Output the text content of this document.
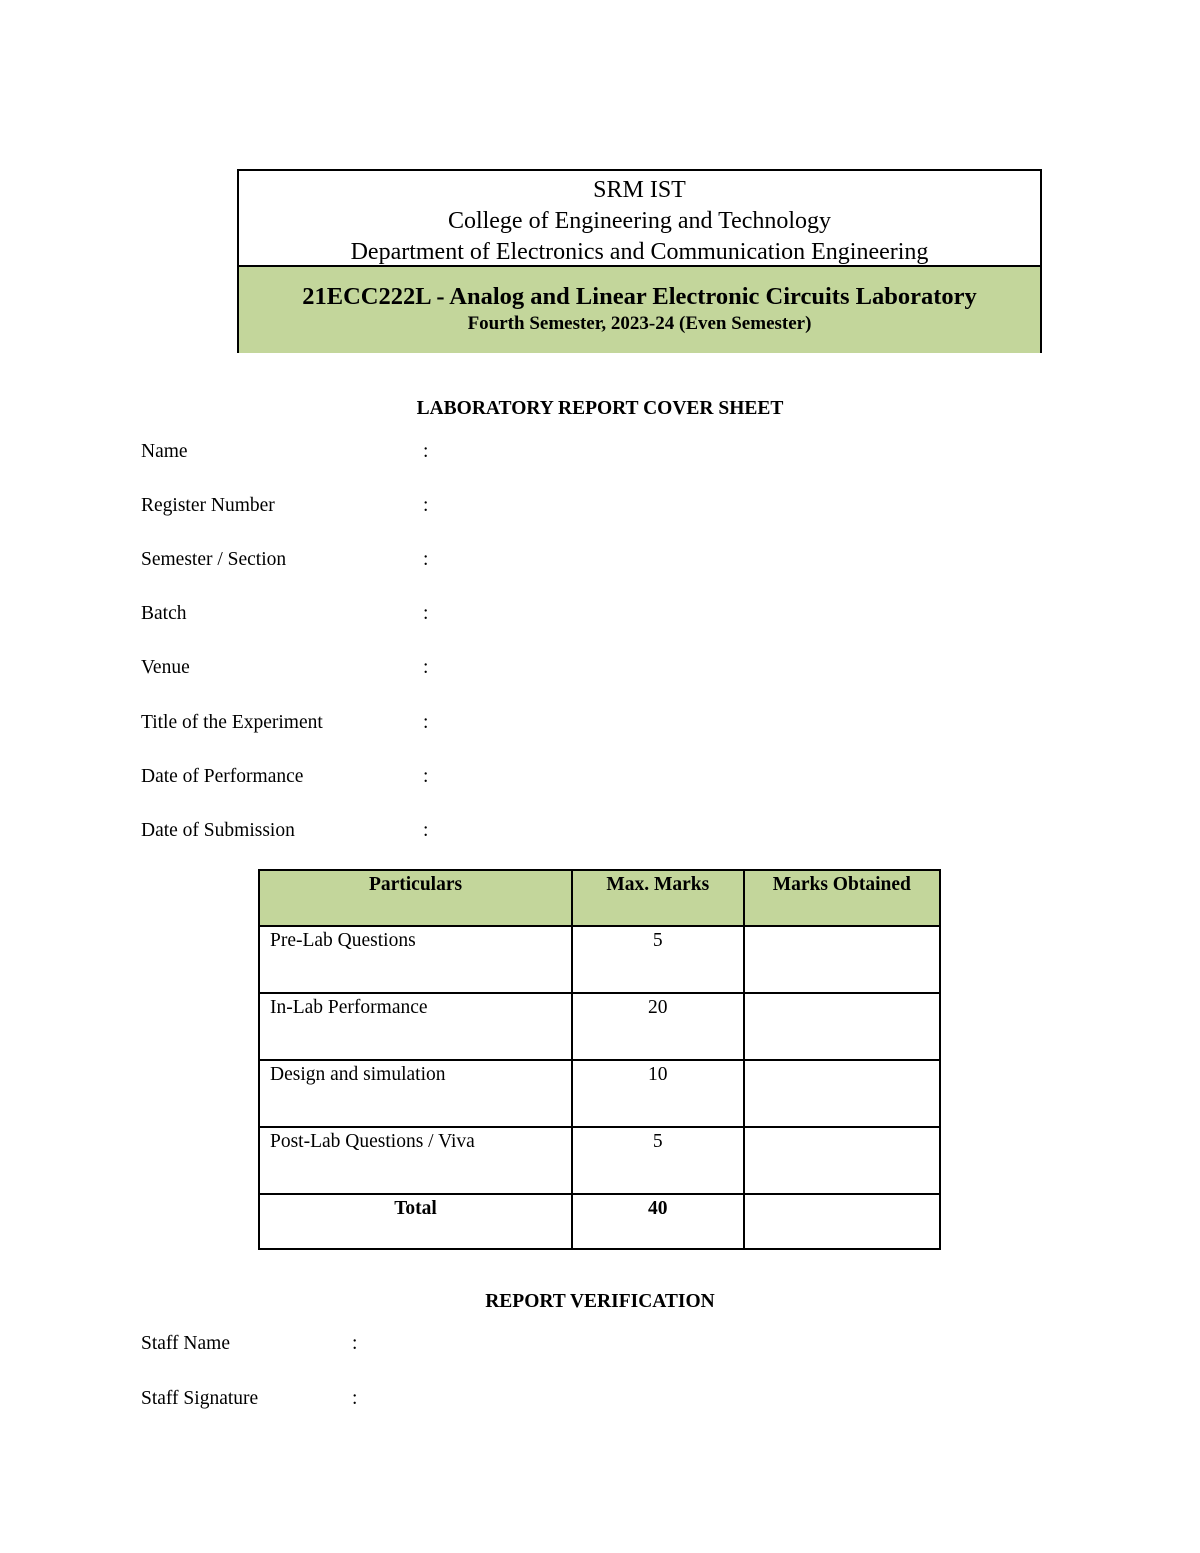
SRM IST
College of Engineering and Technology
Department of Electronics and Communication Engineering
21ECC222L - Analog and Linear Electronic Circuits Laboratory
Fourth Semester, 2023-24 (Even Semester)
LABORATORY REPORT COVER SHEET
Name	:
Register Number	:
Semester / Section	:
Batch	:
Venue	:
Title of the Experiment	:
Date of Performance	:
Date of Submission	:
Particulars	Max. Marks	Marks Obtained
Pre-Lab Questions	5	
In-Lab Performance	20	
Design and simulation	10	
Post-Lab Questions / Viva	5	
Total	40	
REPORT VERIFICATION
Staff Name	:
Staff Signature	:
